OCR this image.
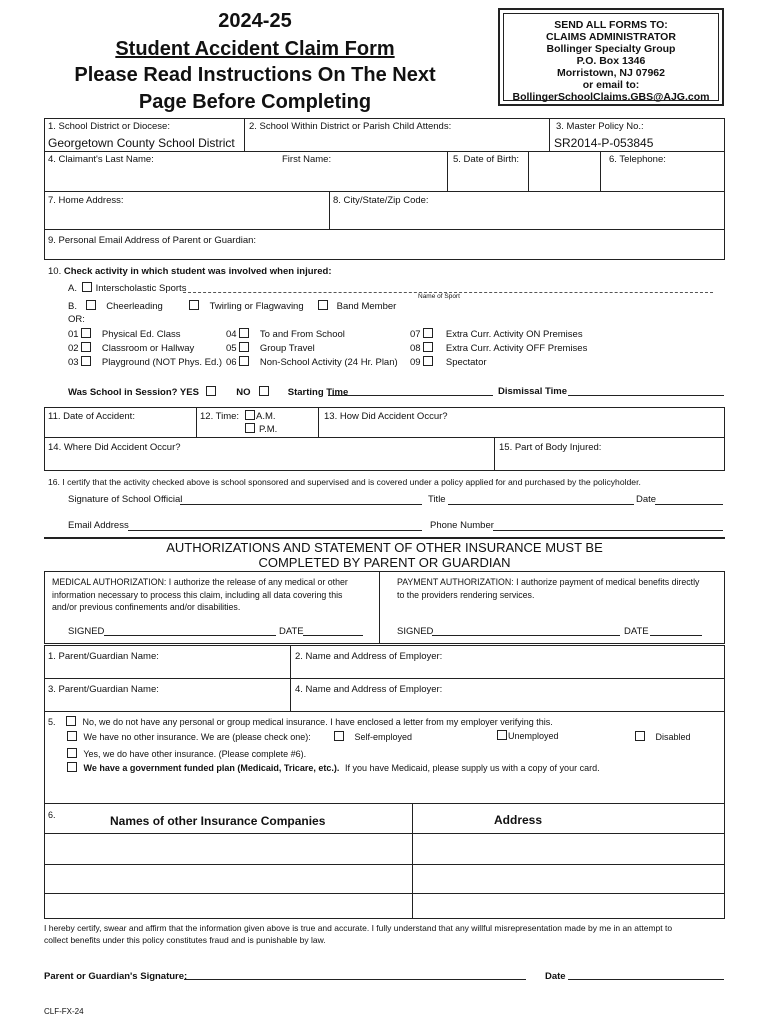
2024-25
Student Accident Claim Form
Please Read Instructions On The Next
Page Before Completing
SEND ALL FORMS TO:
CLAIMS ADMINISTRATOR
Bollinger Specialty Group
P.O. Box 1346
Morristown, NJ 07962
or email to:
BollingerSchoolClaims.GBS@AJG.com
1. School District or Diocese:
Georgetown County School District
2. School Within District or Parish Child Attends:	3. Master Policy No.:
SR2014-P-053845
4. Claimant's Last Name:	First Name:	5. Date of Birth:	6. Telephone:
7. Home Address:	8. City/State/Zip Code:
9. Personal Email Address of Parent or Guardian:
10. Check activity in which student was involved when injured:
A. Interscholastic Sports
Name of Sport
B.	Cheerleading	Twirling or Flagwaving	Band Member
OR:
01 Physical Ed. Class
02 Classroom or Hallway
03 Playground (NOT Phys. Ed.)
04 To and From School
05 Group Travel
06 Non-School Activity (24 Hr. Plan)
07	Extra Curr. Activity ON Premises
08	Extra Curr. Activity OFF Premises
09	Spectator
Was School in Session? YES	NO	Starting Time	Dismissal Time
11. Date of Accident:	12. Time:	A.M.
P.M.
13. How Did Accident Occur?
14. Where Did Accident Occur?	15. Part of Body Injured:
16. I certify that the activity checked above is school sponsored and supervised and is covered under a policy applied for and purchased by the policyholder.
Signature of School Official	Title	Date
Email Address	Phone Number
AUTHORIZATIONS AND STATEMENT OF OTHER INSURANCE MUST BE
COMPLETED BY PARENT OR GUARDIAN
MEDICAL AUTHORIZATION: I authorize the release of any medical or other
information necessary to process this claim, including all data covering this
and/or previous confinements and/or disabilities.
PAYMENT AUTHORIZATION: I authorize payment of medical benefits directly
to the providers rendering services.
SIGNED	DATE	SIGNED	DATE
1. Parent/Guardian Name:	2. Name and Address of Employer:
3. Parent/Guardian Name:	4. Name and Address of Employer:
5.	No, we do not have any personal or group medical insurance. I have enclosed a letter from my employer verifying this.
We have no other insurance. We are (please check one):	Self-employed	Unemployed	Disabled
Yes, we do have other insurance. (Please complete #6).
We have a government funded plan (Medicaid, Tricare, etc.). If you have Medicaid, please supply us with a copy of your card.
6.	Names of other Insurance Companies	Address
I hereby certify, swear and affirm that the information given above is true and accurate. I fully understand that any willful misrepresentation made by me in an attempt to
collect benefits under this policy constitutes fraud and is punishable by law.
Parent or Guardian's Signature:	Date
CLF-FX-24
